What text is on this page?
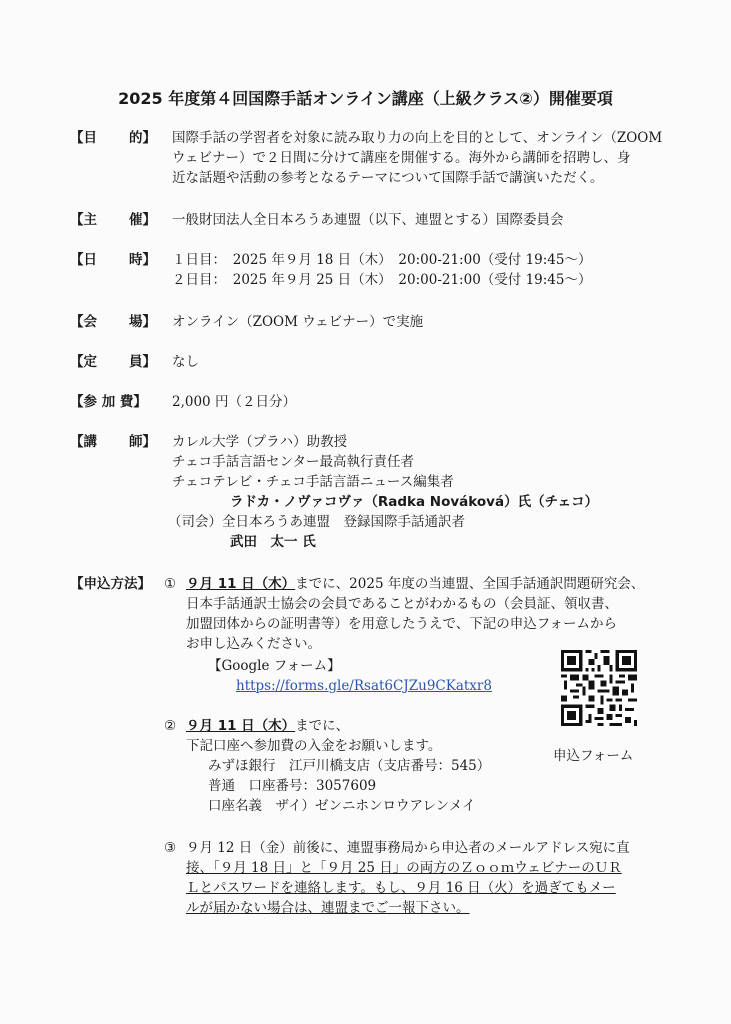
2025 年度第４回国際手話オンライン講座（上級クラス②）開催要項
【目 的】 国際手話の学習者を対象に読み取り力の向上を目的として、オンライン（ZOOM
ウェビナー）で２日間に分けて講座を開催する。海外から講師を招聘し、身
近な話題や活動の参考となるテーマについて国際手話で講演いただく。
【主 催】 一般財団法人全日本ろうあ連盟（以下、連盟とする）国際委員会
【日 時】 １日目：　2025 年９月 18 日（木）　20:00-21:00（受付 19:45～）
２日目：　2025 年９月 25 日（木）　20:00-21:00（受付 19:45～）
【会 場】 オンライン（ZOOM ウェビナー）で実施
【定 員】 なし
【参 加 費】	2,000 円（２日分）
【講 師】 カレル大学（プラハ）助教授
チェコ手話言語センター最高執行責任者
チェコテレビ・チェコ手話言語ニュース編集者
ラドカ・ノヴァコヴァ（Radka Nováková）氏（チェコ）
（司会）全日本ろうあ連盟　登録国際手話通訳者
武田　太一 氏
【申込方法】 ① ９月 11 日（木）までに、2025 年度の当連盟、全国手話通訳問題研究会、
日本手話通訳士協会の会員であることがわかるもの（会員証、領収書、
加盟団体からの証明書等）を用意したうえで、下記の申込フォームから
お申し込みください。
【Google フォーム】
https://forms.gle/Rsat6CJZu9CKatxr8
申込フォーム
② ９月 11 日（木）までに、
下記口座へ参加費の入金をお願いします。
みずほ銀行　江戸川橋支店（支店番号：545）
普通　口座番号：3057609
口座名義　ザイ）ゼンニホンロウアレンメイ
③ ９月 12 日（金）前後に、連盟事務局から申込者のメールアドレス宛に直
接、「９月 18 日」と「９月 25 日」の両方のＺｏｏｍウェビナーのＵＲ
Ｌとパスワードを連絡します。もし、９月 16 日（火）を過ぎてもメー
ルが届かない場合は、連盟までご一報下さい。
